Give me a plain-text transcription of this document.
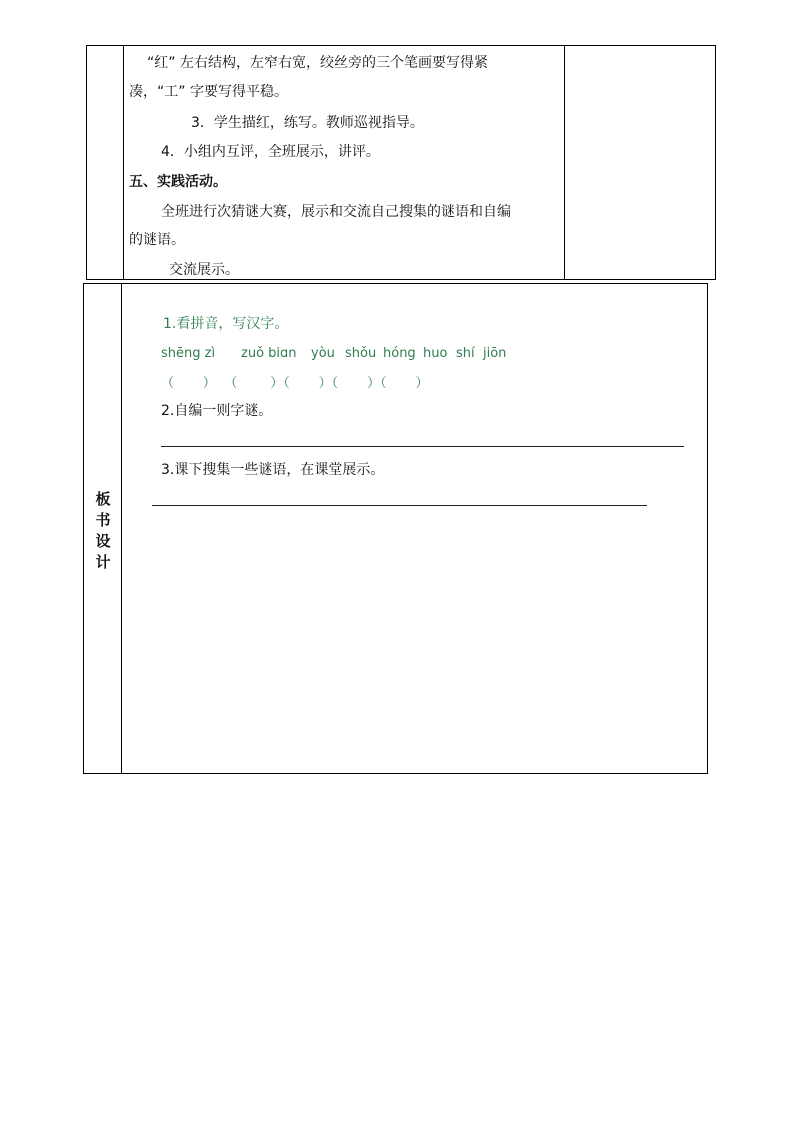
“红” 左右结构，左窄右宽，绞丝旁的三个笔画要写得紧
凑，“工” 字要写得平稳。
3．学生描红，练写。教师巡视指导。
4．小组内互评，全班展示，讲评。
五、实践活动。
全班进行次猜谜大赛，展示和交流自己搜集的谜语和自编
的谜语。
交流展示。
板
书
设
计
1.看拼音，写汉字。
shēng zì zuǒ biɑn yòu shǒu hóng huo shí jiōn
（       ）  （        ）（       ）（       ）（       ）
2.自编一则字谜。
3.课下搜集一些谜语，在课堂展示。
